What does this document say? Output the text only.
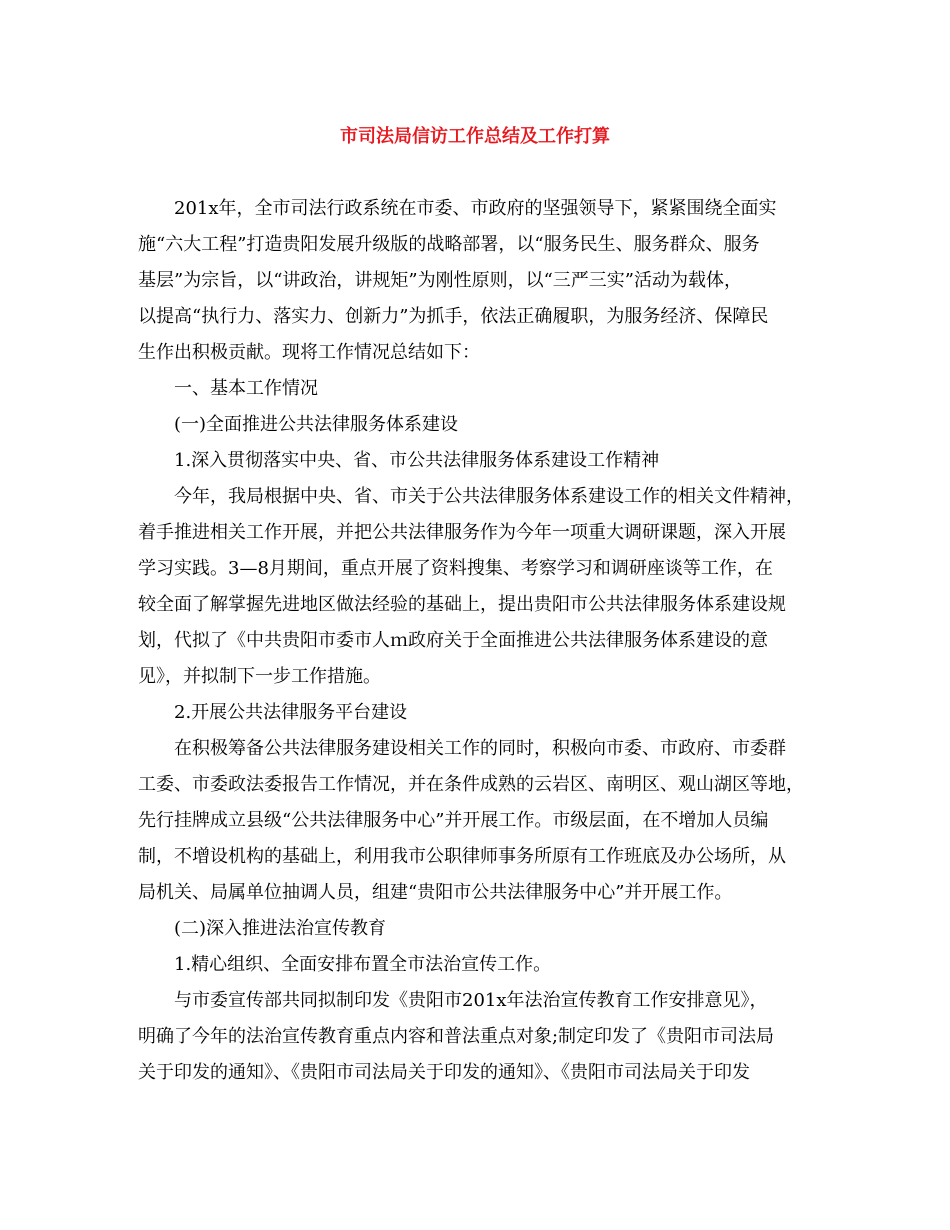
市司法局信访工作总结及工作打算

201x年，全市司法行政系统在市委、市政府的坚强领导下，紧紧围绕全面实

施“六大工程”打造贵阳发展升级版的战略部署，以“服务民生、服务群众、服务

基层”为宗旨，以“讲政治，讲规矩”为刚性原则，以“三严三实”活动为载体，

以提高“执行力、落实力、创新力”为抓手，依法正确履职，为服务经济、保障民

生作出积极贡献。现将工作情况总结如下：

一、基本工作情况

(一)全面推进公共法律服务体系建设

1.深入贯彻落实中央、省、市公共法律服务体系建设工作精神

今年，我局根据中央、省、市关于公共法律服务体系建设工作的相关文件精神，

着手推进相关工作开展，并把公共法律服务作为今年一项重大调研课题，深入开展

学习实践。3—8月期间，重点开展了资料搜集、考察学习和调研座谈等工作，在

较全面了解掌握先进地区做法经验的基础上，提出贵阳市公共法律服务体系建设规

划，代拟了《中共贵阳市委市人ｍ政府关于全面推进公共法律服务体系建设的意

见》，并拟制下一步工作措施。

2.开展公共法律服务平台建设

在积极筹备公共法律服务建设相关工作的同时，积极向市委、市政府、市委群

工委、市委政法委报告工作情况，并在条件成熟的云岩区、南明区、观山湖区等地，

先行挂牌成立县级“公共法律服务中心”并开展工作。市级层面，在不增加人员编

制，不增设机构的基础上，利用我市公职律师事务所原有工作班底及办公场所，从

局机关、局属单位抽调人员，组建“贵阳市公共法律服务中心”并开展工作。

(二)深入推进法治宣传教育

1.精心组织、全面安排布置全市法治宣传工作。

与市委宣传部共同拟制印发《贵阳市201x年法治宣传教育工作安排意见》，

明确了今年的法治宣传教育重点内容和普法重点对象;制定印发了《贵阳市司法局

关于印发的通知》、《贵阳市司法局关于印发的通知》、《贵阳市司法局关于印发
